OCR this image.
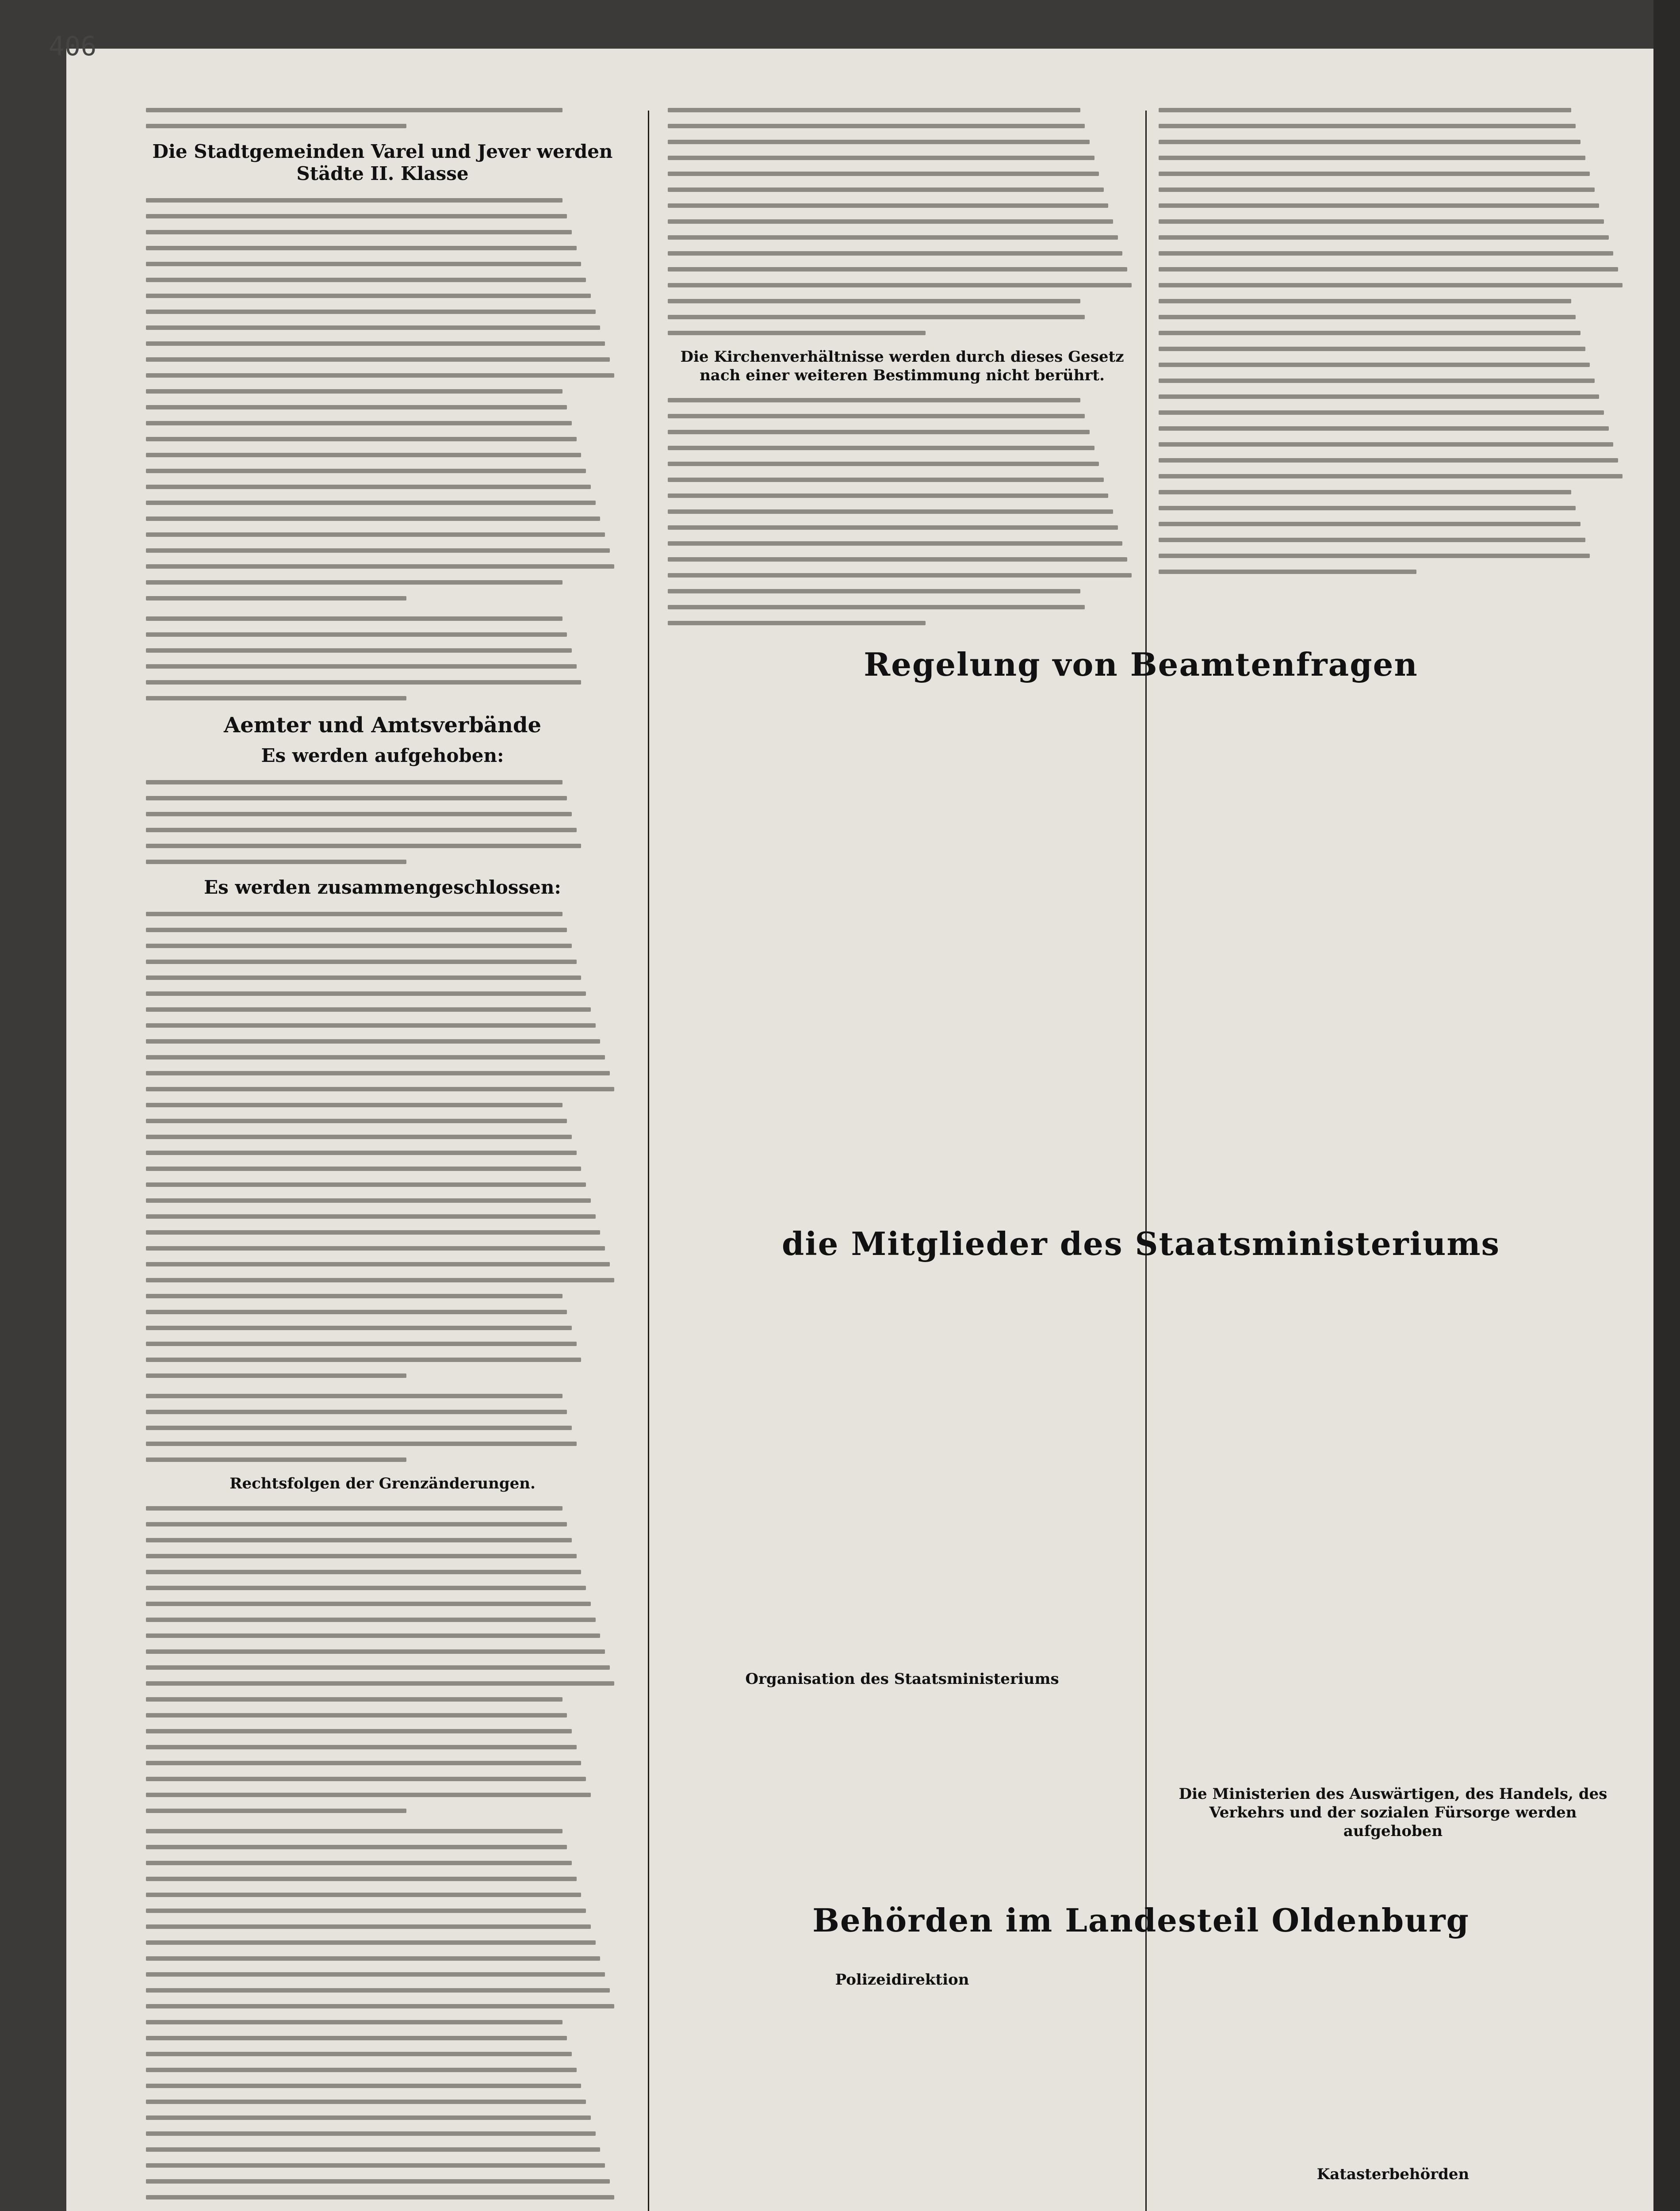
406
Die Stadtgemeinden Varel und Jever werden Städte II. Klasse
Aemter und Amtsverbände
Es werden aufgehoben:
Es werden zusammengeschlossen:
Rechtsfolgen der Grenzänderungen.
Die Kirchenverhältnisse werden durch dieses Gesetz nach einer weiteren Bestimmung nicht berührt.
Regelung von Beamtenfragen
die Mitglieder des Staatsministeriums
Behörden im Landesteil Oldenburg
Organisation des Staatsministeriums
Die Ministerien des Auswärtigen, des Handels, des Verkehrs und der sozialen Fürsorge werden aufgehoben
Polizeidirektion
Katasterbehörden
